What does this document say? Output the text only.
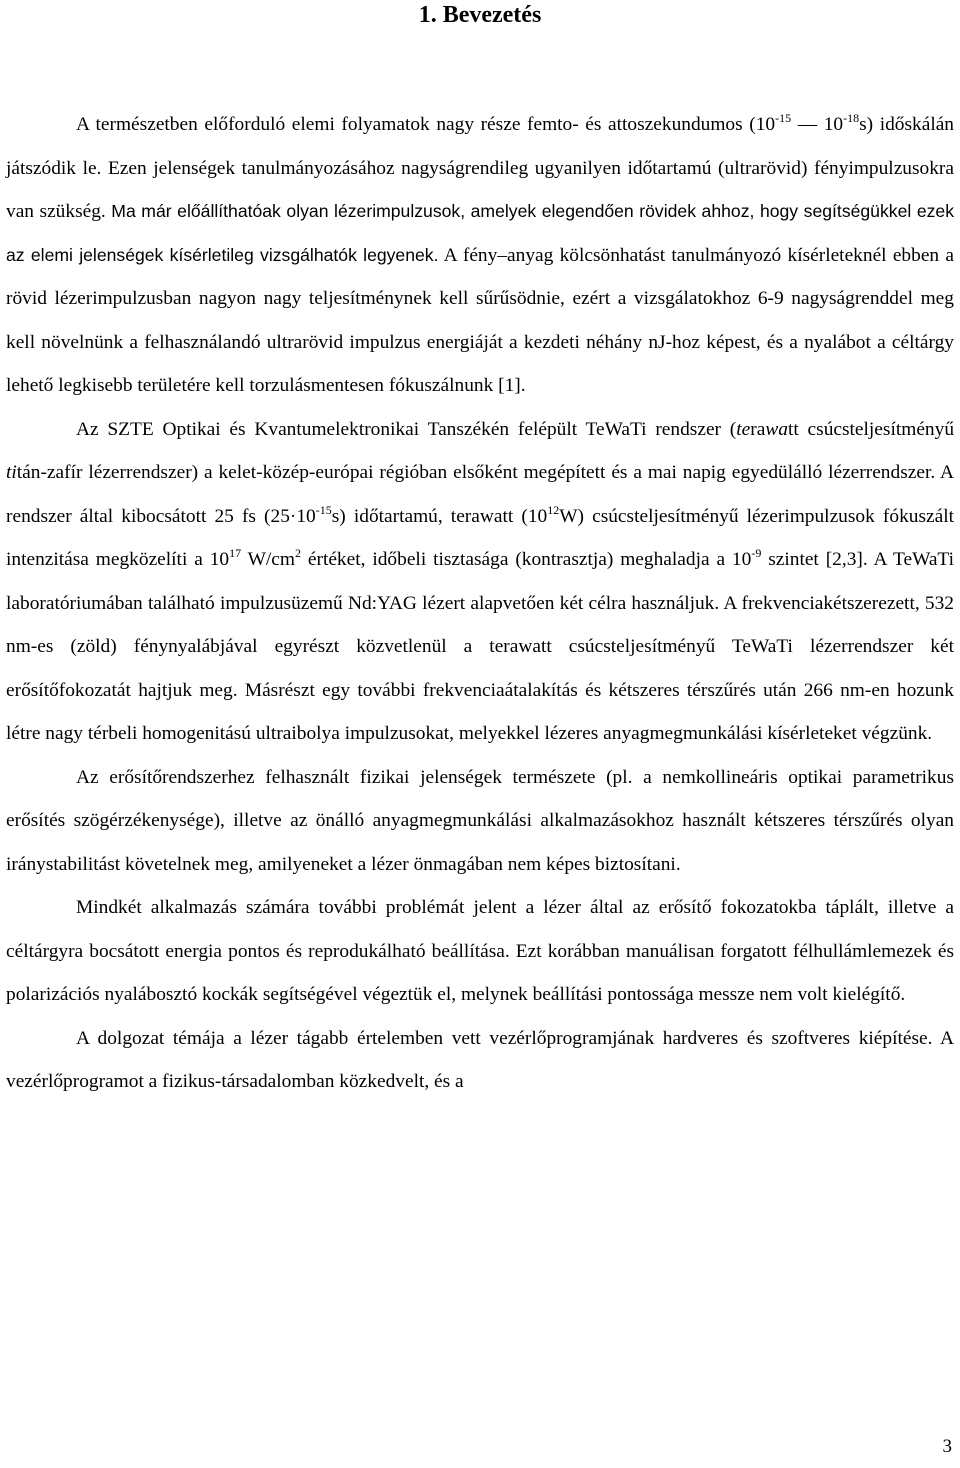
1. Bevezetés

A természetben előforduló elemi folyamatok nagy része femto- és attoszekundumos ($10^{-15}$ — $10^{-18}s$) időskálán játszódik le. Ezen jelenségek tanulmányozásához nagyságrendileg ugyanilyen időtartamú (ultrarövid) fényimpulzusokra van szükség. Ma már előállíthatóak olyan lézerimpulzusok, amelyek elegendően rövidek ahhoz, hogy segítségükkel ezek az elemi jelenségek kísérletileg vizsgálhatók legyenek. A fény–anyag kölcsönhatást tanulmányozó kísérleteknél ebben a rövid lézerimpulzusban nagyon nagy teljesítménynek kell sűrűsödnie, ezért a vizsgálatokhoz 6-9 nagyságrenddel meg kell növelnünk a felhasználandó ultrarövid impulzus energiáját a kezdeti néhány nJ-hoz képest, és a nyalábot a céltárgy lehető legkisebb területére kell torzulásmentesen fókuszálnunk [1].

Az SZTE Optikai és Kvantumelektronikai Tanszékén felépült TeWaTi rendszer (terawatt csúcsteljesítményű titán-zafír lézerrendszer) a kelet-közép-európai régióban elsőként megépített és a mai napig egyedülálló lézerrendszer. A rendszer által kibocsátott 25 fs $(25\cdot 10^{-15}s)$ időtartamú, terawatt $(10^{12}W)$ csúcsteljesítményű lézerimpulzusok fókuszált intenzitása megközelíti a $10^{17}$ $W/cm^2$ értéket, időbeli tisztasága (kontrasztja) meghaladja a $10^{-9}$ szintet [2,3]. A TeWaTi laboratóriumában található impulzusüzemű Nd:YAG lézert alapvetően két célra használjuk. A frekvenciakétszerezett, 532 nm-es (zöld) fénynyalábjával egyrészt közvetlenül a terawatt csúcsteljesítményű TeWaTi lézerrendszer két erősítőfokozatát hajtjuk meg. Másrészt egy további frekvenciaátalakítás és kétszeres térszűrés után 266 nm-en hozunk létre nagy térbeli homogenitású ultraibolya impulzusokat, melyekkel lézeres anyagmegmunkálási kísérleteket végzünk.

Az erősítőrendszerhez felhasznált fizikai jelenségek természete (pl. a nemkollineáris optikai parametrikus erősítés szögérzékenysége), illetve az önálló anyagmegmunkálási alkalmazásokhoz használt kétszeres térszűrés olyan iránystabilitást követelnek meg, amilyeneket a lézer önmagában nem képes biztosítani.

Mindkét alkalmazás számára további problémát jelent a lézer által az erősítő fokozatokba táplált, illetve a céltárgyra bocsátott energia pontos és reprodukálható beállítása. Ezt korábban manuálisan forgatott félhullámlemezek és polarizációs nyalábosztó kockák segítségével végeztük el, melynek beállítási pontossága messze nem volt kielégítő.

A dolgozat témája a lézer tágabb értelemben vett vezérlőprogramjának hardveres és szoftveres kiépítése. A vezérlőprogramot a fizikus-társadalomban közkedvelt, és a

3
